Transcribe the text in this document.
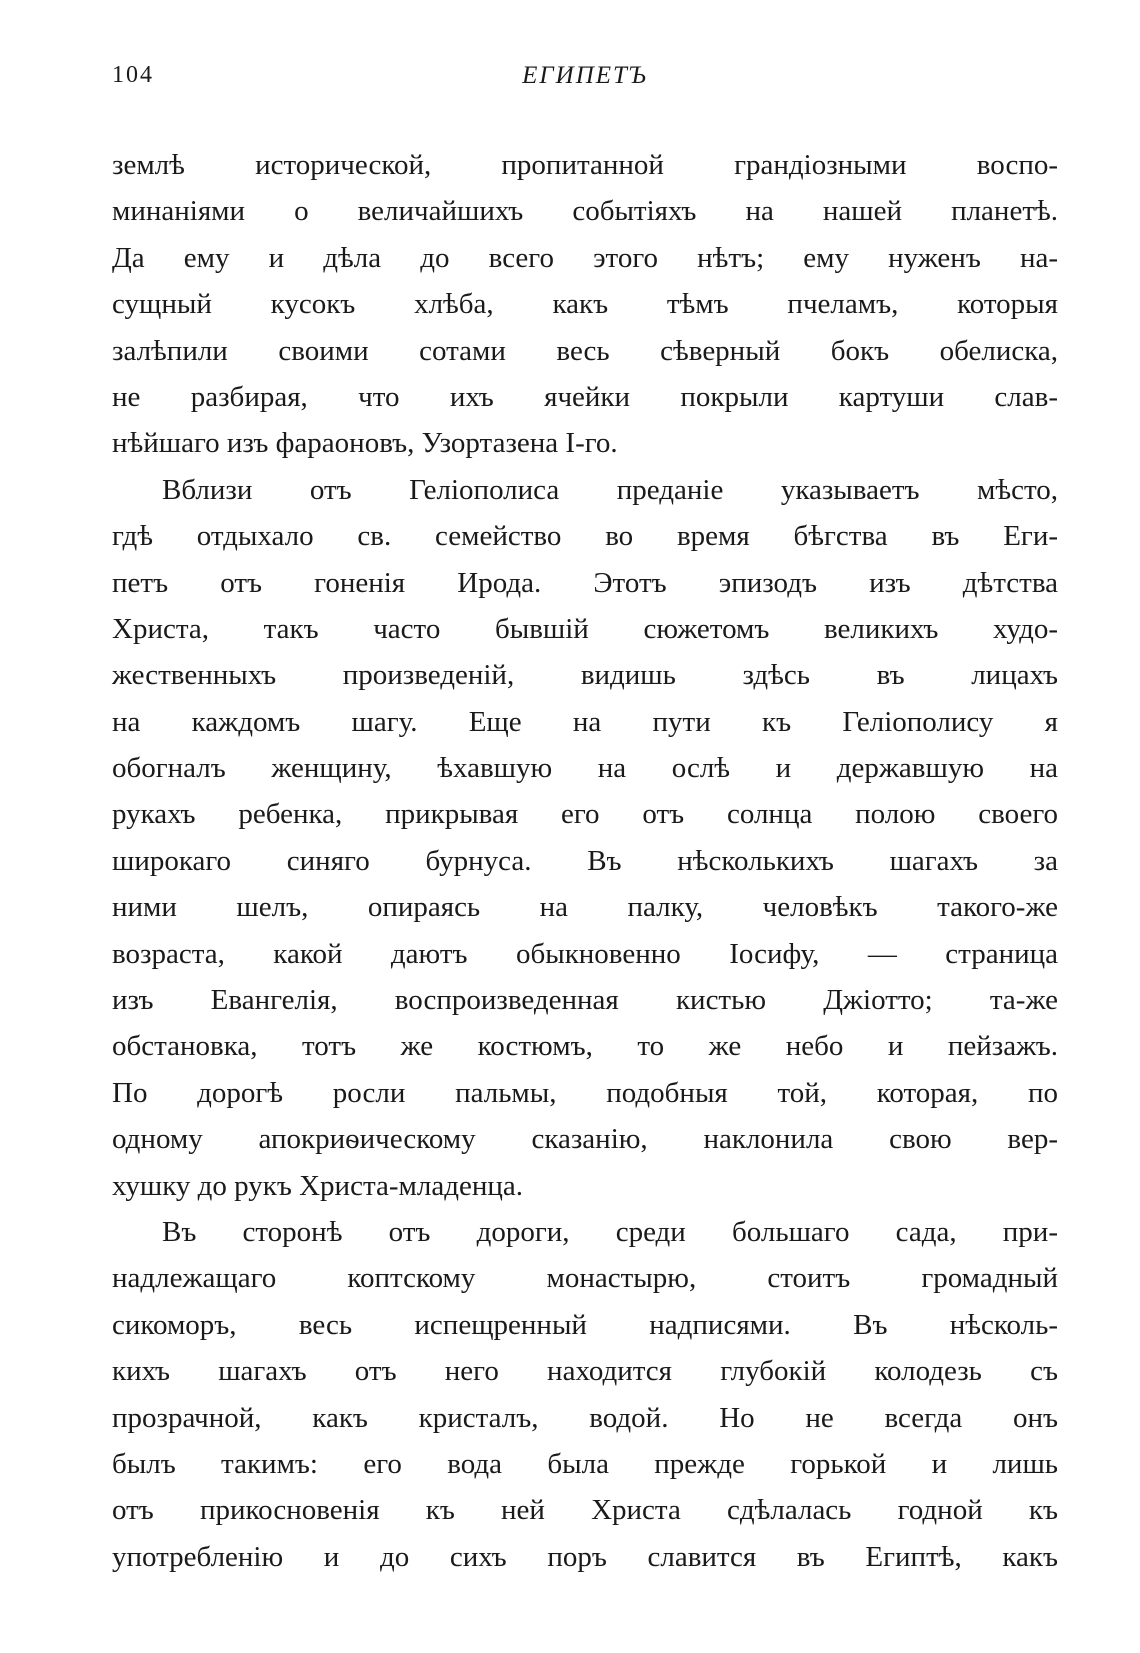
104	ЕГИПЕТЪ
землѣ исторической, пропитанной грандіозными воспо-
минаніями о величайшихъ событіяхъ на нашей планетѣ.
Да ему и дѣла до всего этого нѣтъ; ему нуженъ на-
сущный кусокъ хлѣба, какъ тѣмъ пчеламъ, которыя
залѣпили своими сотами весь сѣверный бокъ обелиска,
не разбирая, что ихъ ячейки покрыли картуши слав-
нѣйшаго изъ фараоновъ, Узортазена І-го.
Вблизи отъ Геліополиса преданіе указываетъ мѣсто,
гдѣ отдыхало св. семейство во время бѣгства въ Еги-
петъ отъ гоненія Ирода. Этотъ эпизодъ изъ дѣтства
Христа, такъ часто бывшій сюжетомъ великихъ худо-
жественныхъ произведеній, видишь здѣсь въ лицахъ
на каждомъ шагу. Еще на пути къ Геліополису я
обогналъ женщину, ѣхавшую на ослѣ и державшую на
рукахъ ребенка, прикрывая его отъ солнца полою своего
широкаго синяго бурнуса. Въ нѣсколькихъ шагахъ за
ними шелъ, опираясь на палку, человѣкъ такого-же
возраста, какой даютъ обыкновенно Іосифу, — страница
изъ Евангелія, воспроизведенная кистью Джіотто; та-же
обстановка, тотъ же костюмъ, то же небо и пейзажъ.
По дорогѣ росли пальмы, подобныя той, которая, по
одному апокриѳическому сказанію, наклонила свою вер-
хушку до рукъ Христа-младенца.
Въ сторонѣ отъ дороги, среди большаго сада, при-
надлежащаго коптскому монастырю, стоитъ громадный
сикоморъ, весь испещренный надписями. Въ нѣсколь-
кихъ шагахъ отъ него находится глубокій колодезь съ
прозрачной, какъ кристалъ, водой. Но не всегда онъ
былъ такимъ: его вода была прежде горькой и лишь
отъ прикосновенія къ ней Христа сдѣлалась годной къ
употребленію и до сихъ поръ славится въ Египтѣ, какъ
